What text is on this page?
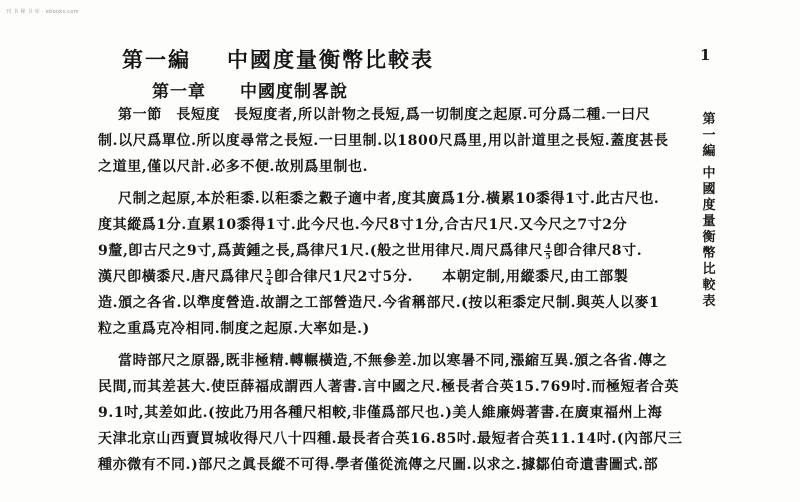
刊 书 秘 书 库 · ebooks.com
1
第一編 中國度量衡幣比較表
第一章 中國度制畧說
第一編
中國度量衡幣比較表

第一節　長短度 長短度者,所以計物之長短,爲一切制度之起原.可分爲二種.一曰尺

制.以尺爲單位.所以度尋常之長短.一曰里制.以1800尺爲里,用以計道里之長短.蓋度甚長

之道里,僅以尺計.必多不便.故別爲里制也.

尺制之起原,本於秬黍.以秬黍之縠子適中者,度其廣爲1分.橫累10黍得1寸.此古尺也.

度其縱爲1分.直累10黍得1寸.此今尺也.今尺8寸1分,合古尺1尺.又今尺之7寸2分

9釐,卽古尺之9寸,爲黃鍾之長,爲律尺1尺.(般之世用律尺.周尺爲律尺 $\frac{4}{5}$ 卽合律尺8寸.

漢尺卽橫黍尺.唐尺爲律尺 $\frac{5}{4}$ 卽合律尺1尺2寸5分.　　 本朝定制,用縱黍尺,由工部製

造.頒之各省.以準度營造.故謂之工部營造尺.今省稱部尺.(按以秬黍定尺制.與英人以麥1

粒之重爲克冷相同.制度之起原.大率如是.)

當時部尺之原器,既非極精.轉輾橫造,不無參差.加以寒暑不同,漲縮互異.頒之各省.傳之

民間,而其差甚大.使臣薛福成謂西人著書.言中國之尺.極長者合英15.769吋.而極短者合英

9.1吋,其差如此.(按此乃用各種尺相較,非僅爲部尺也.)美人維廉姆著書.在廣東福州上海

天津北京山西賣買城收得尺八十四種.最長者合英16.85吋.最短者合英11.14吋.(內部尺三

種亦微有不同.)部尺之眞長縱不可得.學者僅從流傳之尺圖.以求之.據鄒伯奇遺書圖式.部
